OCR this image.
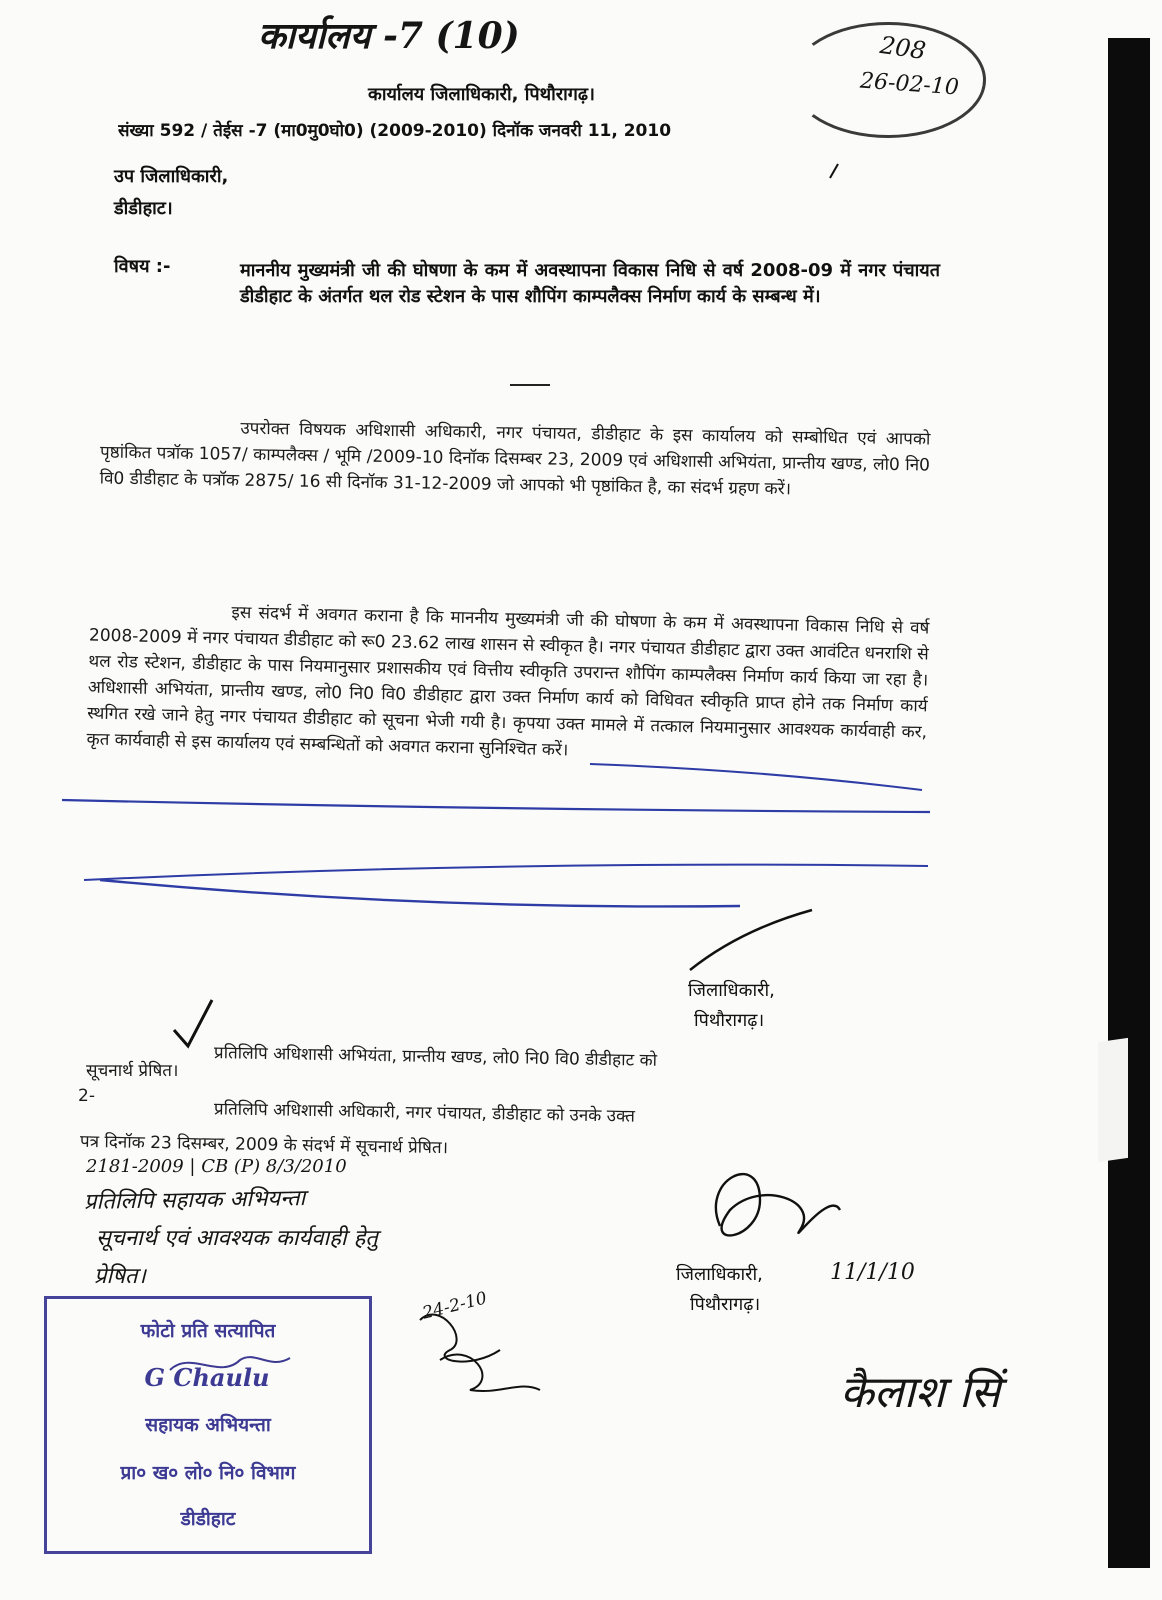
कार्यालय -7 (10)	208
26-02-10
कार्यालय जिलाधिकारी, पिथौरागढ़।
संख्या 592 / तेईस -7 (मा0मु0घो0) (2009-2010) दिनॉक जनवरी 11, 2010
उप जिलाधिकारी,
डीडीहाट।
विषय :-	माननीय मुख्यमंत्री जी की घोषणा के कम में अवस्थापना विकास निधि से वर्ष 2008-09 में नगर पंचायत डीडीहाट के अंतर्गत थल रोड स्टेशन के पास शौपिंग काम्पलैक्स निर्माण कार्य के सम्बन्ध में।
उपरोक्त विषयक अधिशासी अधिकारी, नगर पंचायत, डीडीहाट के इस कार्यालय को सम्बोधित एवं आपको पृष्ठांकित पत्रॉक 1057/ काम्पलैक्स / भूमि /2009-10 दिनॉक दिसम्बर 23, 2009 एवं अधिशासी अभियंता, प्रान्तीय खण्ड, लो0 नि0 वि0 डीडीहाट के पत्रॉक 2875/ 16 सी दिनॉक 31-12-2009 जो आपको भी पृष्ठांकित है, का संदर्भ ग्रहण करें।
इस संदर्भ में अवगत कराना है कि माननीय मुख्यमंत्री जी की घोषणा के कम में अवस्थापना विकास निधि से वर्ष 2008-2009 में नगर पंचायत डीडीहाट को रू0 23.62 लाख शासन से स्वीकृत है। नगर पंचायत डीडीहाट द्वारा उक्त आवंटित धनराशि से थल रोड स्टेशन, डीडीहाट के पास नियमानुसार प्रशासकीय एवं वित्तीय स्वीकृति उपरान्त शौपिंग काम्पलैक्स निर्माण कार्य किया जा रहा है। अधिशासी अभियंता, प्रान्तीय खण्ड, लो0 नि0 वि0 डीडीहाट द्वारा उक्त निर्माण कार्य को विधिवत स्वीकृति प्राप्त होने तक निर्माण कार्य स्थगित रखे जाने हेतु नगर पंचायत डीडीहाट को सूचना भेजी गयी है। कृपया उक्त मामले में तत्काल नियमानुसार आवश्यक कार्यवाही कर, कृत कार्यवाही से इस कार्यालय एवं सम्बन्धितों को अवगत कराना सुनिश्चित करें।
जिलाधिकारी,
पिथौरागढ़।
प्रतिलिपि अधिशासी अभियंता, प्रान्तीय खण्ड, लो0 नि0 वि0 डीडीहाट को
सूचनार्थ प्रेषित।
2-
प्रतिलिपि अधिशासी अधिकारी, नगर पंचायत, डीडीहाट को उनके उक्त
पत्र दिनॉक 23 दिसम्बर, 2009 के संदर्भ में सूचनार्थ प्रेषित।
2181-2009 | CB (P) 8/3/2010
प्रतिलिपि सहायक अभियन्ता
सूचनार्थ एवं आवश्यक कार्यवाही हेतु
प्रेषित।
24-2-10
11/1/10
कैलाश सिं
जिलाधिकारी,
पिथौरागढ़।
फोटो प्रति सत्यापित
G Chaulu
सहायक अभियन्ता
प्रा० ख० लो० नि० विभाग
डीडीहाट
